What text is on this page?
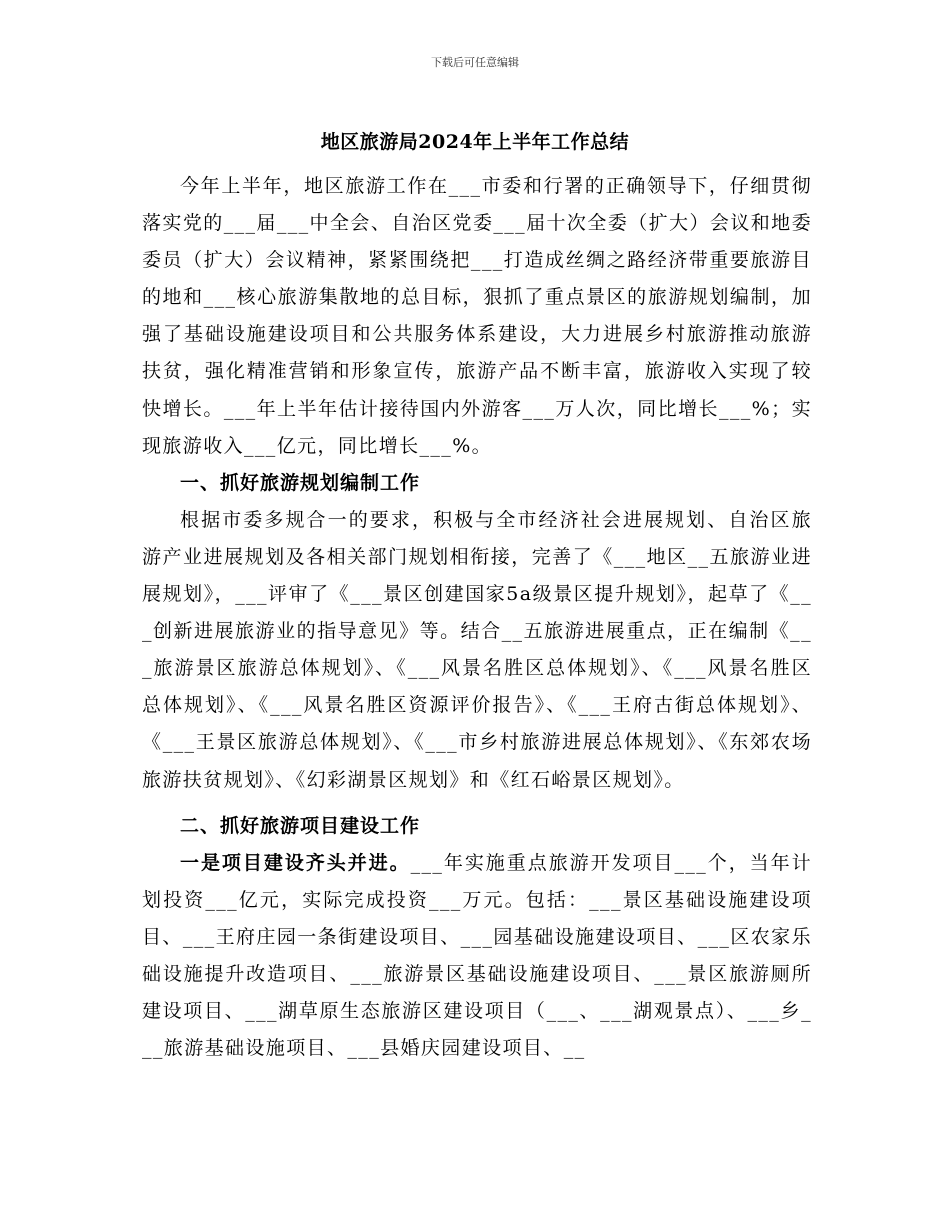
下载后可任意编辑
地区旅游局2024年上半年工作总结

今年上半年，地区旅游工作在___市委和行署的正确领导下，仔细贯彻落实党的___届___中全会、自治区党委___届十次全委（扩大）会议和地委委员（扩大）会议精神，紧紧围绕把___打造成丝绸之路经济带重要旅游目的地和___核心旅游集散地的总目标，狠抓了重点景区的旅游规划编制，加强了基础设施建设项目和公共服务体系建设，大力进展乡村旅游推动旅游扶贫，强化精准营销和形象宣传，旅游产品不断丰富，旅游收入实现了较快增长。___年上半年估计接待国内外游客___万人次，同比增长___%；实现旅游收入___亿元，同比增长___%。

一、抓好旅游规划编制工作

根据市委多规合一的要求，积极与全市经济社会进展规划、自治区旅游产业进展规划及各相关部门规划相衔接，完善了《___地区__五旅游业进展规划》，___评审了《___景区创建国家5a级景区提升规划》，起草了《___创新进展旅游业的指导意见》等。结合__五旅游进展重点，正在编制《___旅游景区旅游总体规划》、《___风景名胜区总体规划》、《___风景名胜区总体规划》、《___风景名胜区资源评价报告》、《___王府古街总体规划》、《___王景区旅游总体规划》、《___市乡村旅游进展总体规划》、《东郊农场旅游扶贫规划》、《幻彩湖景区规划》和《红石峪景区规划》。

二、抓好旅游项目建设工作

一是项目建设齐头并进。___年实施重点旅游开发项目___个，当年计划投资___亿元，实际完成投资___万元。包括：___景区基础设施建设项目、___王府庄园一条街建设项目、___园基础设施建设项目、___区农家乐础设施提升改造项目、___旅游景区基础设施建设项目、___景区旅游厕所建设项目、___湖草原生态旅游区建设项目（___、___湖观景点）、___乡___旅游基础设施项目、___县婚庆园建设项目、__
